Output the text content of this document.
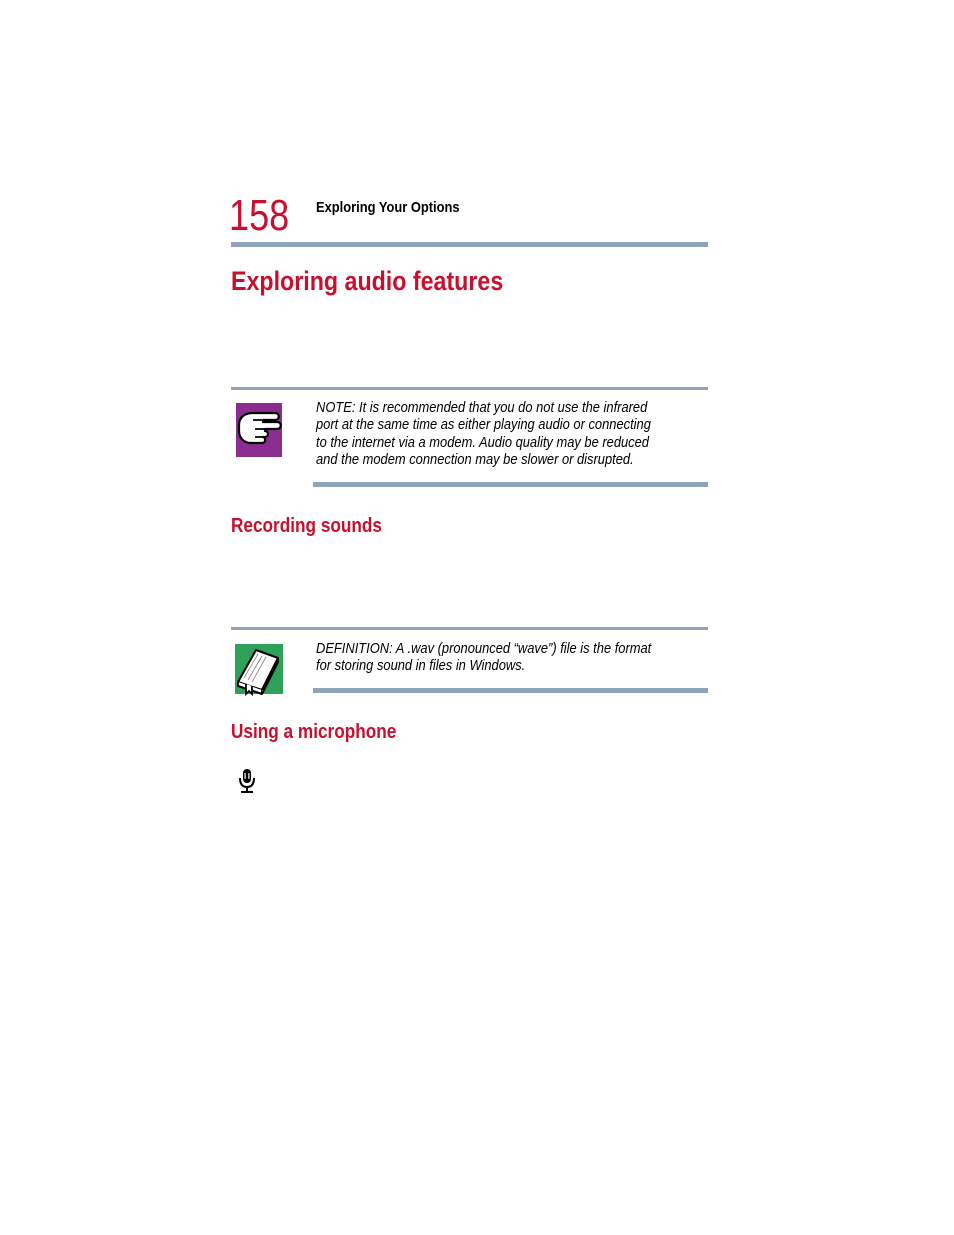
158 Exploring Your Options
Exploring audio features
NOTE: It is recommended that you do not use the infrared
port at the same time as either playing audio or connecting
to the internet via a modem. Audio quality may be reduced
and the modem connection may be slower or disrupted.
Recording sounds
DEFINITION: A .wav (pronounced “wave”) file is the format
for storing sound in files in Windows.
Using a microphone
